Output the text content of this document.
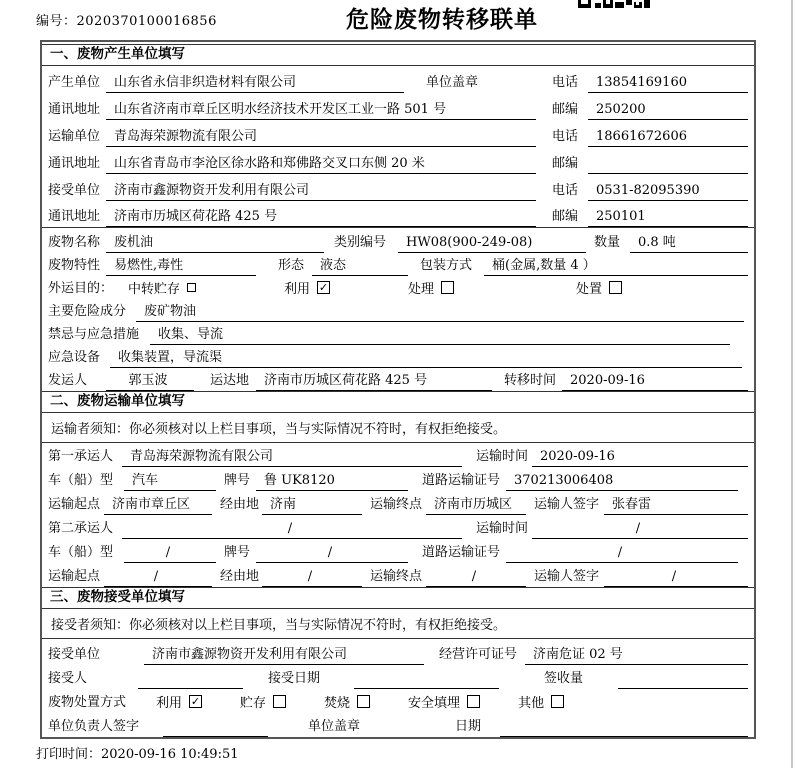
编号：2020370100016856	危险废物转移联单
一、废物产生单位填写
产生单位	山东省永信非织造材料有限公司	单位盖章	电话	13854169160
通讯地址	山东省济南市章丘区明水经济技术开发区工业一路 501 号	邮编	250200
运输单位	青岛海荣源物流有限公司	电话	18661672606
通讯地址	山东省青岛市李沧区徐水路和郑佛路交叉口东侧 20 米	邮编
接受单位	济南市鑫源物资开发利用有限公司	电话	0531-82095390
通讯地址	济南市历城区荷花路 425 号	邮编	250101
废物名称	废机油	类别编号	HW08(900-249-08)	数量	0.8 吨
废物特性	易燃性,毒性	形态	液态	包装方式	桶(金属,数量 4 ）
外运目的：	中转贮存	利用 ✓	处理	处置
主要危险成分	废矿物油
禁忌与应急措施	收集、导流
应急设备	收集装置，导流渠
发运人	郭玉波	运达地	济南市历城区荷花路 425 号	转移时间	2020-09-16
二、废物运输单位填写
运输者须知：你必须核对以上栏目事项，当与实际情况不符时，有权拒绝接受。
第一承运人	青岛海荣源物流有限公司	运输时间 2020-09-16
车（船）型	汽车	牌号	鲁 UK8120	道路运输证号	370213006408
运输起点 济南市章丘区	经由地 济南	运输终点 济南市历城区	运输人签字 张春雷
第二承运人	/	运输时间	/
车（船）型	/	牌号	/	道路运输证号	/
运输起点	/	经由地	/	运输终点	/	运输人签字	/
三、废物接受单位填写
接受者须知：你必须核对以上栏目事项，当与实际情况不符时，有权拒绝接受。
接受单位	济南市鑫源物资开发利用有限公司	经营许可证号	济南危证 02 号
接受人	接受日期	签收量
废物处置方式	利用 ✓	贮存	焚烧	安全填埋	其他
单位负责人签字	单位盖章	日期
打印时间：2020-09-16 10:49:51
